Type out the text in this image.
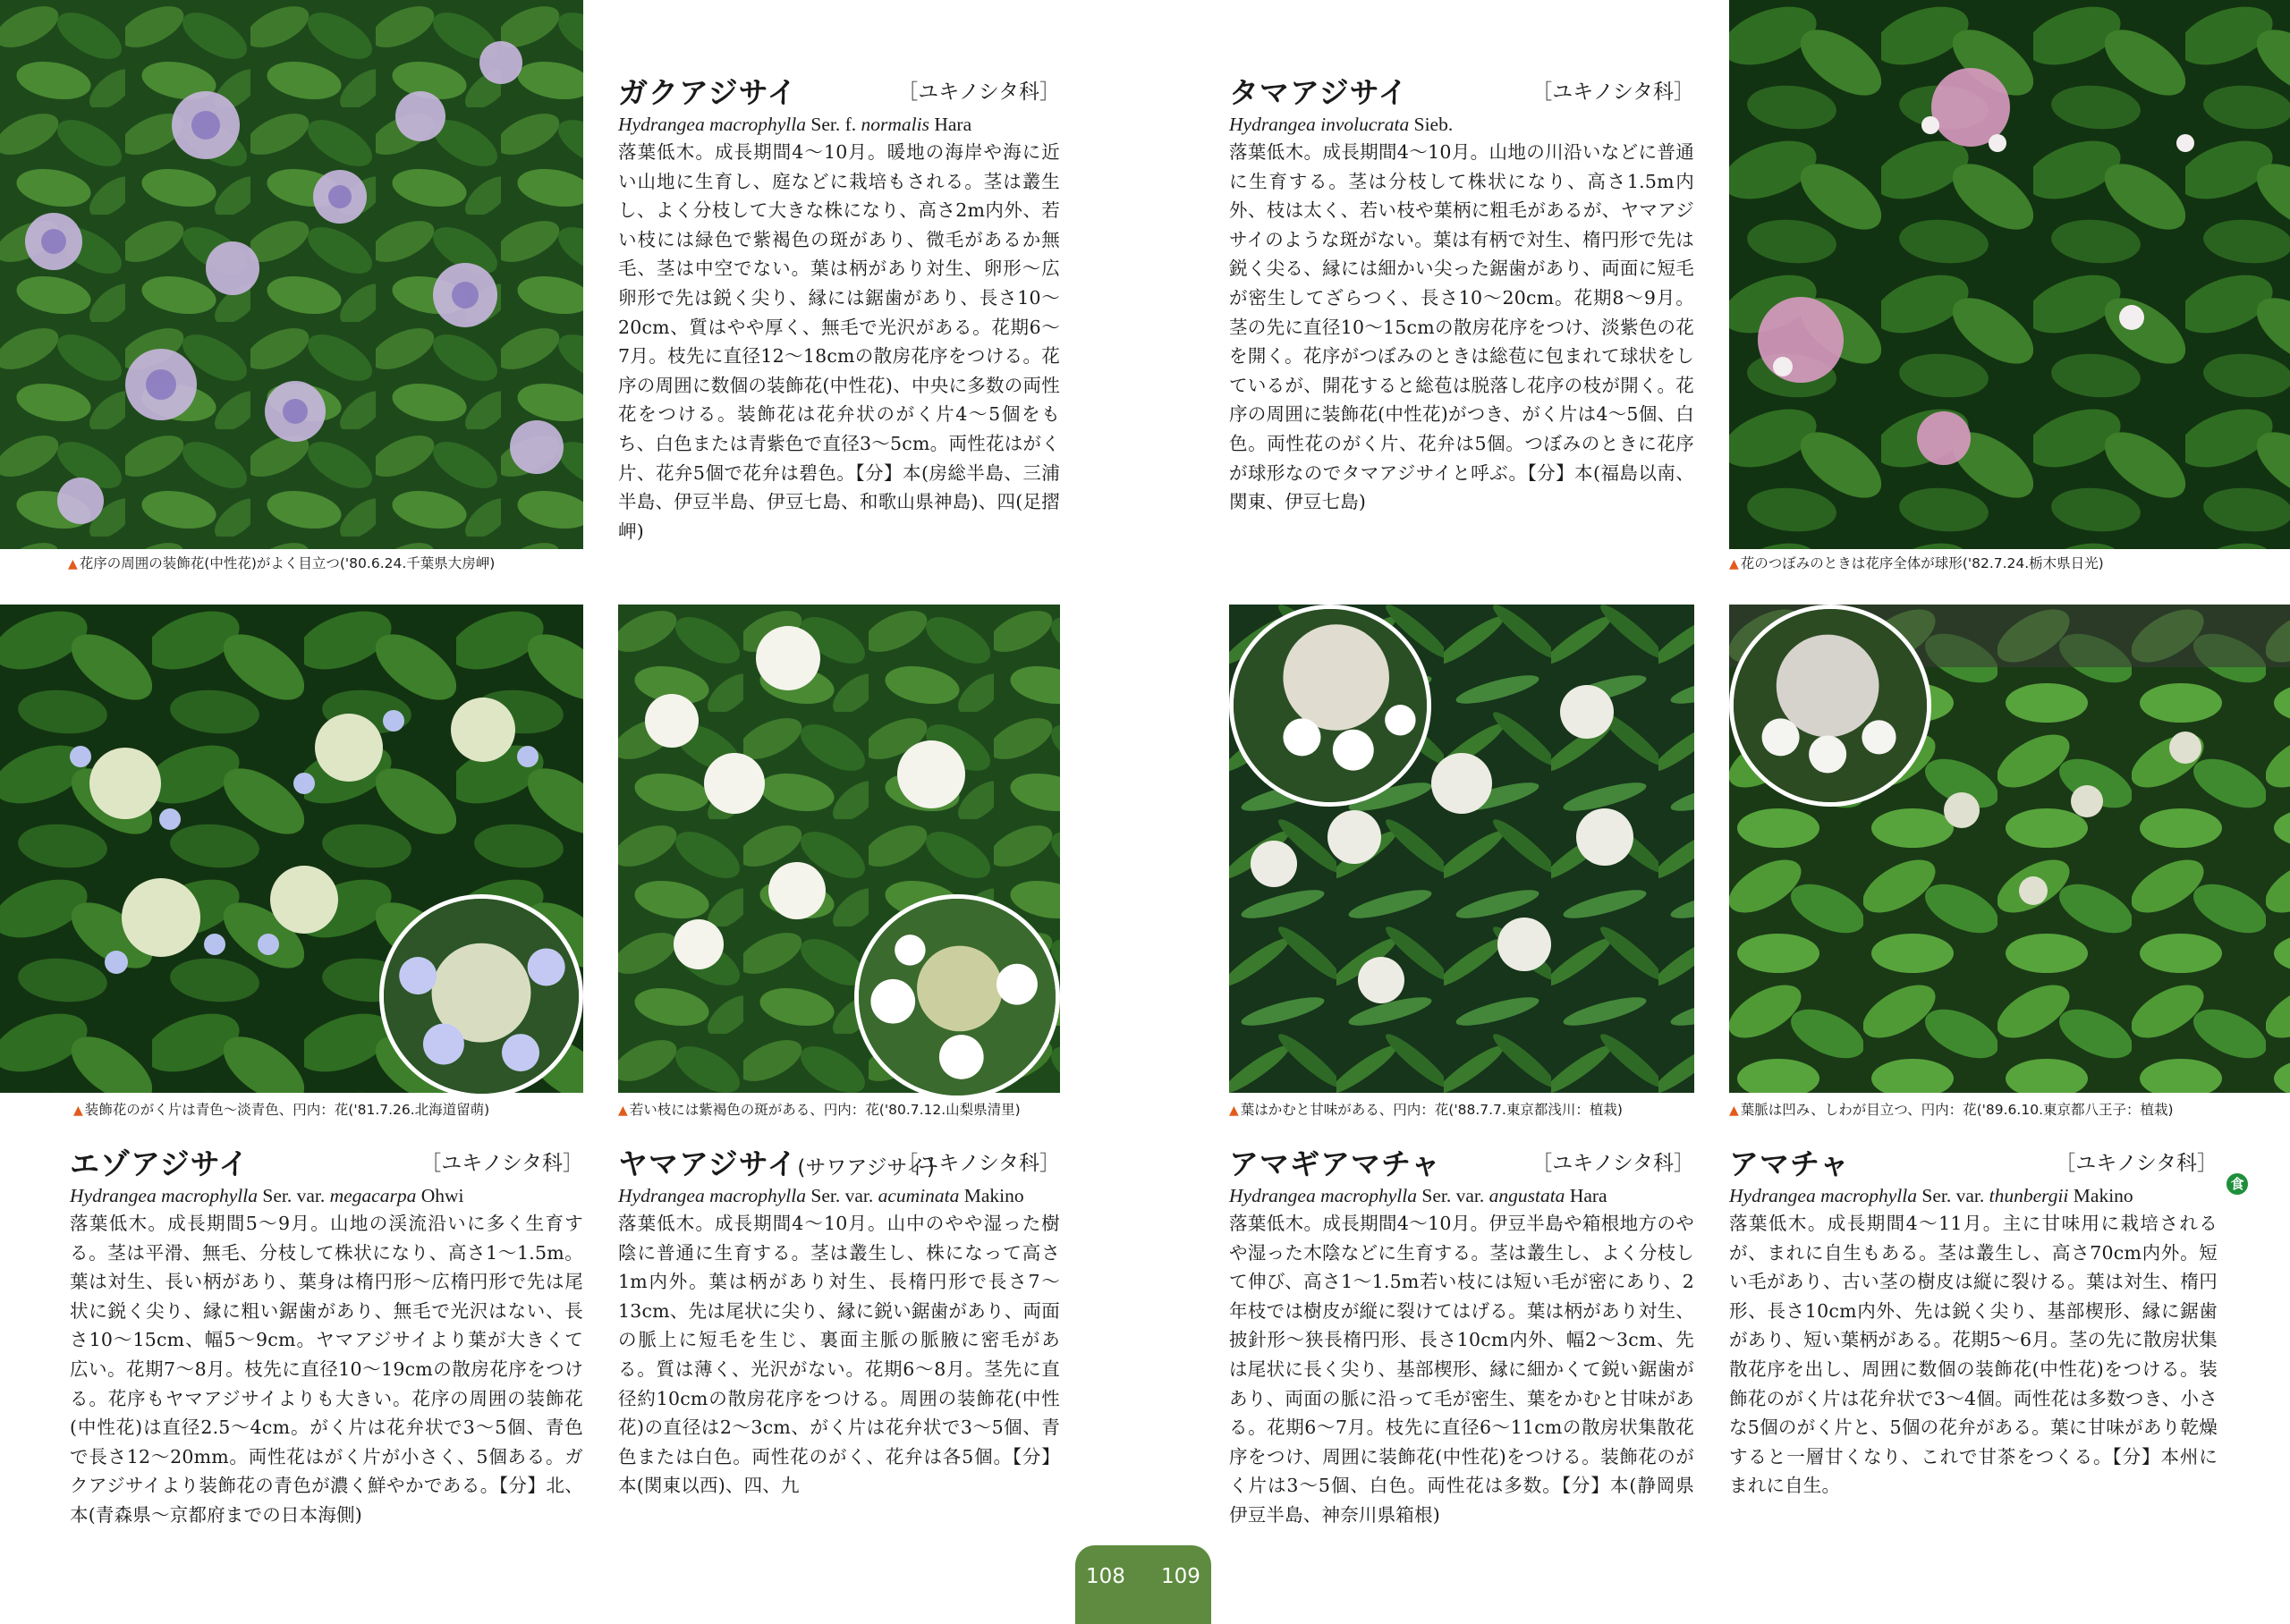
▲ 花序の周囲の装飾花(中性花)がよく目立つ('80.6.24.千葉県大房岬)	▲ 花のつぼみのときは花序全体が球形('82.7.24.栃木県日光)
▲ 装飾花のがく片は青色～淡青色、円内：花('81.7.26.北海道留萌)	▲ 若い枝には紫褐色の斑がある、円内：花('80.7.12.山梨県清里)	▲ 葉はかむと甘味がある、円内：花('88.7.7.東京都浅川：植栽)	▲ 葉脈は凹み、しわが目立つ、円内：花('89.6.10.東京都八王子：植栽)
ガクアジサイ	［ユキノシタ科］
Hydrangea macrophylla Ser. f. normalis Hara

落葉低木。成長期間4～10月。暖地の海岸や海に近い山地に生育し、庭などに栽培もされる。茎は叢生し、よく分枝して大きな株になり、高さ2m内外、若い枝には緑色で紫褐色の斑があり、微毛があるか無毛、茎は中空でない。葉は柄があり対生、卵形～広卵形で先は鋭く尖り、縁には鋸歯があり、長さ10～20cm、質はやや厚く、無毛で光沢がある。花期6～7月。枝先に直径12～18cmの散房花序をつける。花序の周囲に数個の装飾花(中性花)、中央に多数の両性花をつける。装飾花は花弁状のがく片4～5個をもち、白色または青紫色で直径3～5cm。両性花はがく片、花弁5個で花弁は碧色。【分】本(房総半島、三浦半島、伊豆半島、伊豆七島、和歌山県神島)、四(足摺岬)

タマアジサイ	［ユキノシタ科］
Hydrangea involucrata Sieb.

落葉低木。成長期間4～10月。山地の川沿いなどに普通に生育する。茎は分枝して株状になり、高さ1.5m内外、枝は太く、若い枝や葉柄に粗毛があるが、ヤマアジサイのような斑がない。葉は有柄で対生、楕円形で先は鋭く尖る、縁には細かい尖った鋸歯があり、両面に短毛が密生してざらつく、長さ10～20cm。花期8～9月。茎の先に直径10～15cmの散房花序をつけ、淡紫色の花を開く。花序がつぼみのときは総苞に包まれて球状をしているが、開花すると総苞は脱落し花序の枝が開く。花序の周囲に装飾花(中性花)がつき、がく片は4～5個、白色。両性花のがく片、花弁は5個。つぼみのときに花序が球形なのでタマアジサイと呼ぶ。【分】本(福島以南、関東、伊豆七島)

エゾアジサイ	［ユキノシタ科］
Hydrangea macrophylla Ser. var. megacarpa Ohwi

落葉低木。成長期間5～9月。山地の渓流沿いに多く生育する。茎は平滑、無毛、分枝して株状になり、高さ1～1.5m。葉は対生、長い柄があり、葉身は楕円形～広楕円形で先は尾状に鋭く尖り、縁に粗い鋸歯があり、無毛で光沢はない、長さ10～15cm、幅5～9cm。ヤマアジサイより葉が大きくて広い。花期7～8月。枝先に直径10～19cmの散房花序をつける。花序もヤマアジサイよりも大きい。花序の周囲の装飾花(中性花)は直径2.5～4cm。がく片は花弁状で3～5個、青色で長さ12～20mm。両性花はがく片が小さく、5個ある。ガクアジサイより装飾花の青色が濃く鮮やかである。【分】北、本(青森県～京都府までの日本海側)

ヤマアジサイ(サワアジサイ)
［ユキノシタ科］
Hydrangea macrophylla Ser. var. acuminata Makino

落葉低木。成長期間4～10月。山中のやや湿った樹陰に普通に生育する。茎は叢生し、株になって高さ1m内外。葉は柄があり対生、長楕円形で長さ7～13cm、先は尾状に尖り、縁に鋭い鋸歯があり、両面の脈上に短毛を生じ、裏面主脈の脈腋に密毛がある。質は薄く、光沢がない。花期6～8月。茎先に直径約10cmの散房花序をつける。周囲の装飾花(中性花)の直径は2～3cm、がく片は花弁状で3～5個、青色または白色。両性花のがく、花弁は各5個。【分】本(関東以西)、四、九

アマギアマチャ	［ユキノシタ科］
Hydrangea macrophylla Ser. var. angustata Hara

落葉低木。成長期間4～10月。伊豆半島や箱根地方のやや湿った木陰などに生育する。茎は叢生し、よく分枝して伸び、高さ1～1.5m若い枝には短い毛が密にあり、2年枝では樹皮が縦に裂けてはげる。葉は柄があり対生、披針形～狭長楕円形、長さ10cm内外、幅2～3cm、先は尾状に長く尖り、基部楔形、縁に細かくて鋭い鋸歯があり、両面の脈に沿って毛が密生、葉をかむと甘味がある。花期6～7月。枝先に直径6～11cmの散房状集散花序をつけ、周囲に装飾花(中性花)をつける。装飾花のがく片は3～5個、白色。両性花は多数。【分】本(静岡県伊豆半島、神奈川県箱根)

アマチャ	［ユキノシタ科］
食
Hydrangea macrophylla Ser. var. thunbergii Makino

落葉低木。成長期間4～11月。主に甘味用に栽培されるが、まれに自生もある。茎は叢生し、高さ70cm内外。短い毛があり、古い茎の樹皮は縦に裂ける。葉は対生、楕円形、長さ10cm内外、先は鋭く尖り、基部楔形、縁に鋸歯があり、短い葉柄がある。花期5～6月。茎の先に散房状集散花序を出し、周囲に数個の装飾花(中性花)をつける。装飾花のがく片は花弁状で3～4個。両性花は多数つき、小さな5個のがく片と、5個の花弁がある。葉に甘味があり乾燥すると一層甘くなり、これで甘茶をつくる。【分】本州にまれに自生。

108 109
